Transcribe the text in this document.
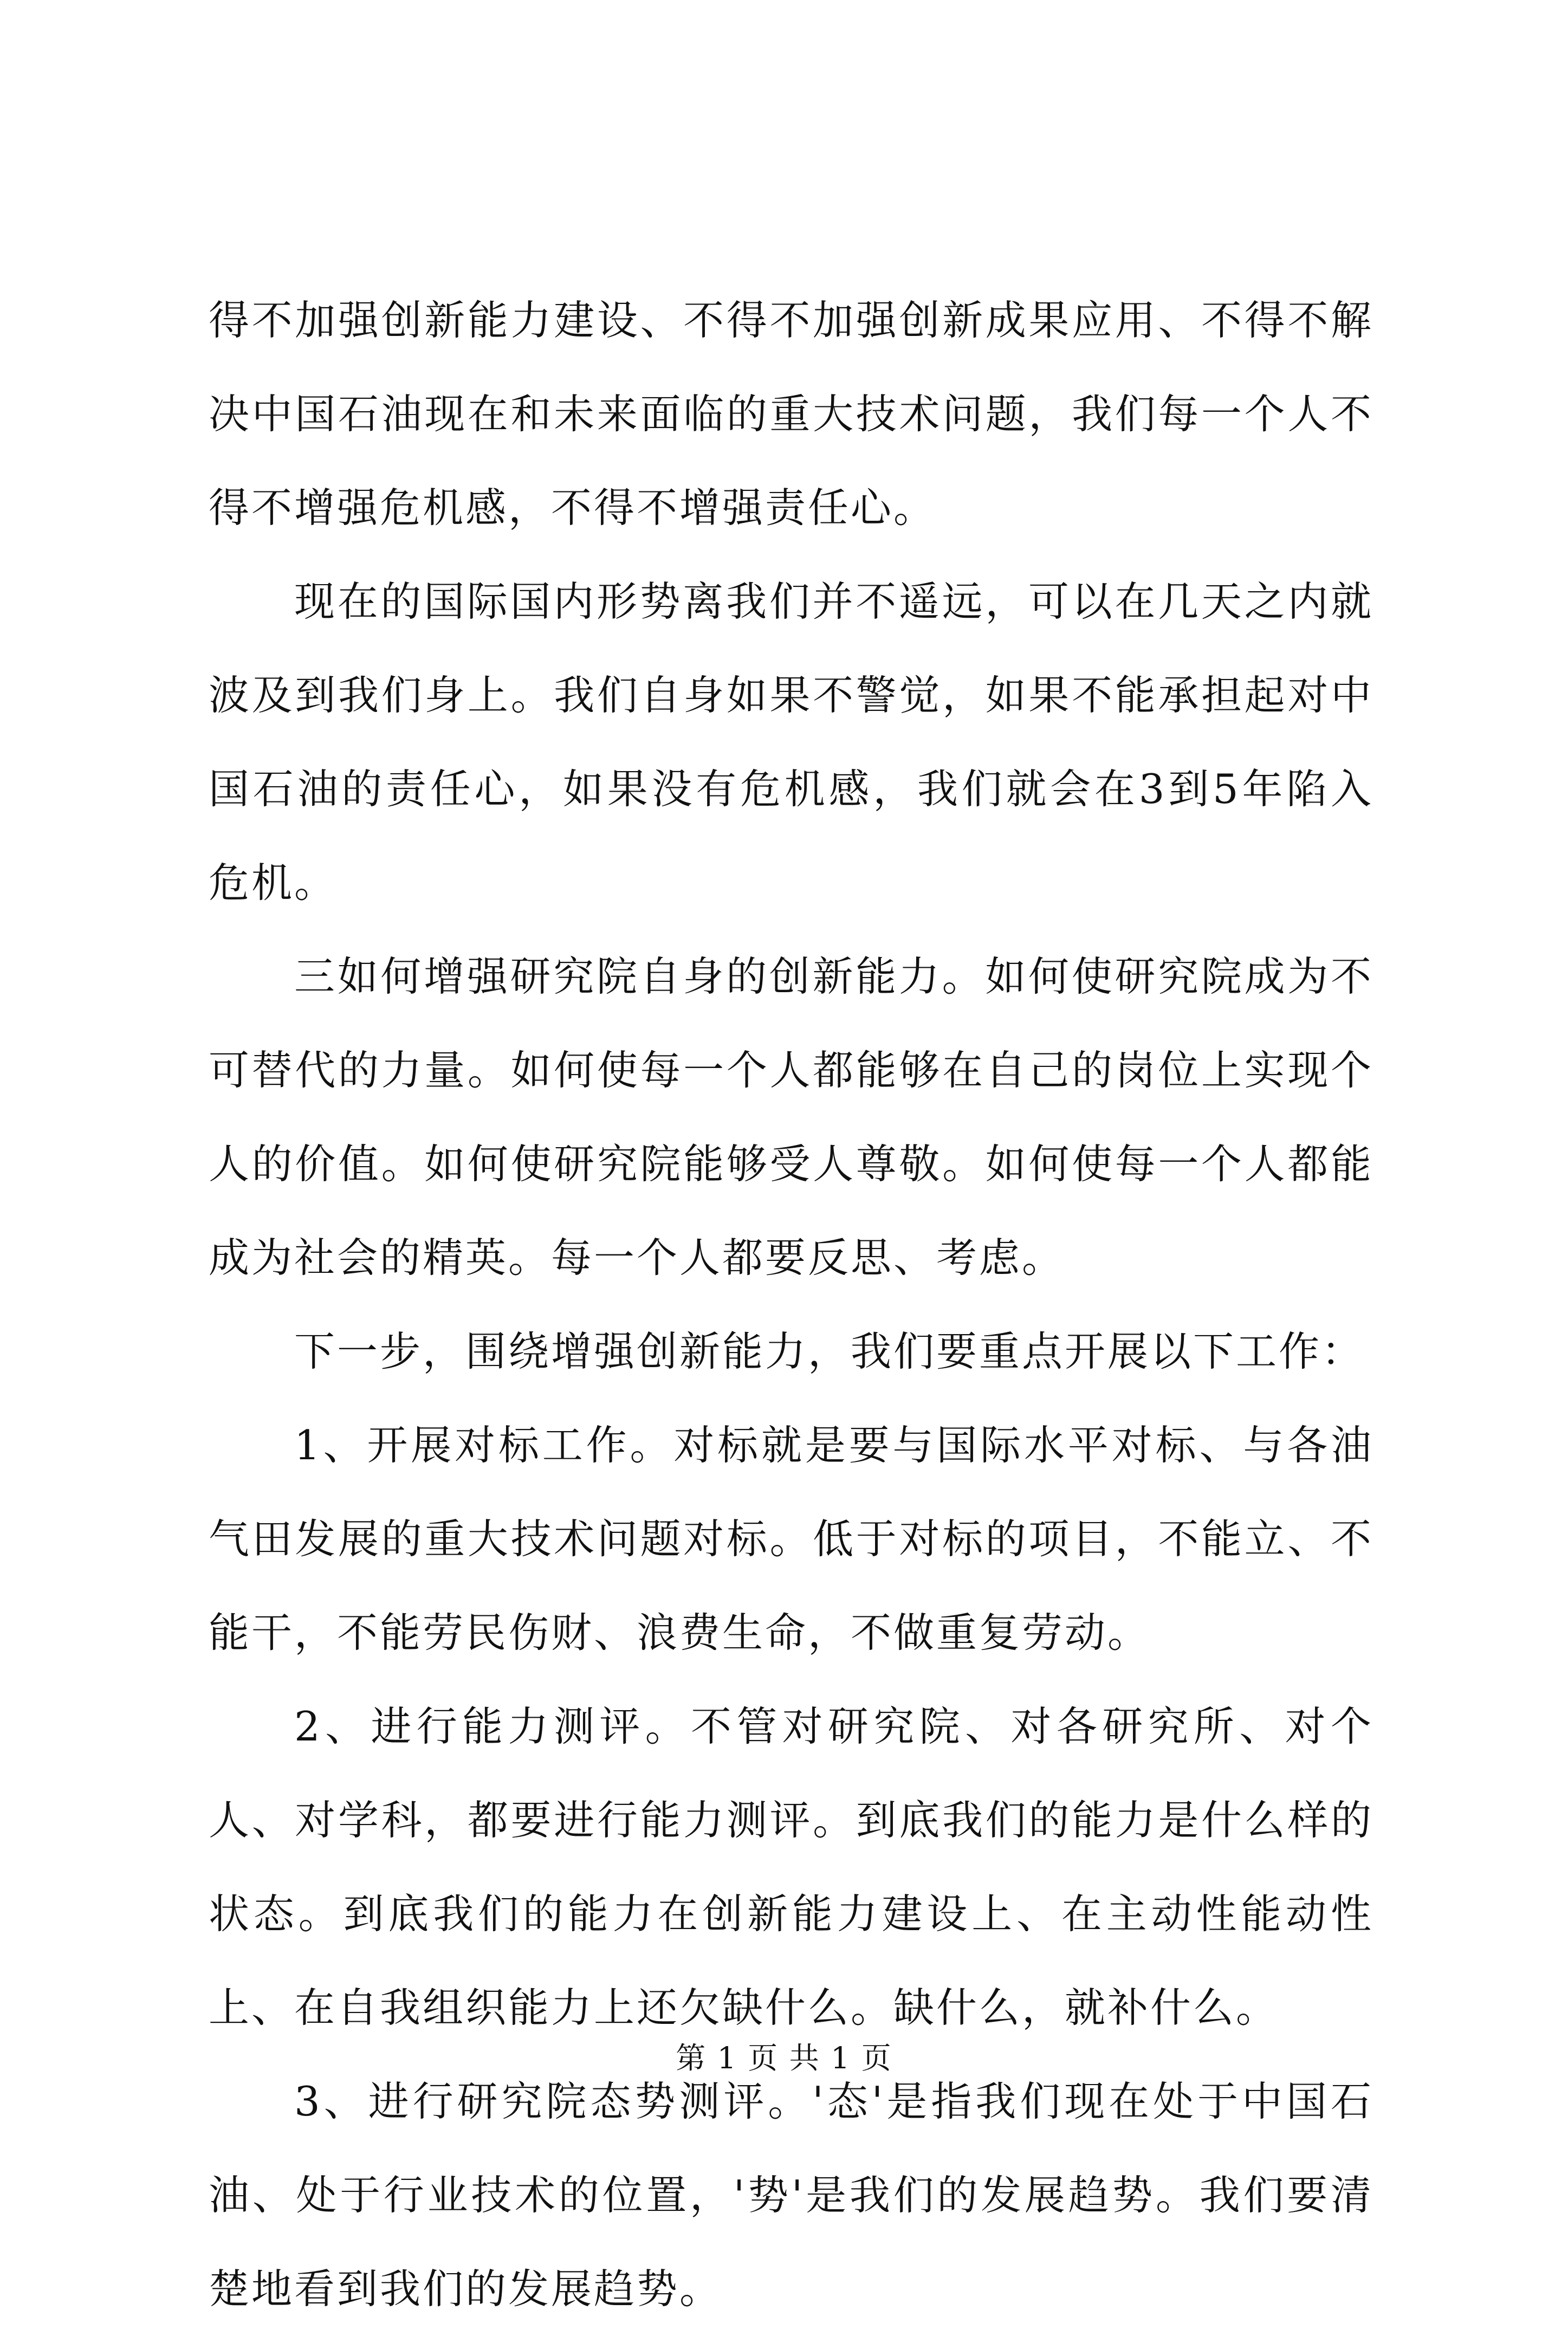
得不加强创新能力建设、不得不加强创新成果应用、不得不解决中国石油现在和未来面临的重大技术问题，我们每一个人不得不增强危机感，不得不增强责任心。

现在的国际国内形势离我们并不遥远，可以在几天之内就波及到我们身上。我们自身如果不警觉，如果不能承担起对中国石油的责任心，如果没有危机感，我们就会在3到5年陷入危机。

三如何增强研究院自身的创新能力。如何使研究院成为不可替代的力量。如何使每一个人都能够在自己的岗位上实现个人的价值。如何使研究院能够受人尊敬。如何使每一个人都能成为社会的精英。每一个人都要反思、考虑。

下一步，围绕增强创新能力，我们要重点开展以下工作：

1、开展对标工作。对标就是要与国际水平对标、与各油气田发展的重大技术问题对标。低于对标的项目，不能立、不能干，不能劳民伤财、浪费生命，不做重复劳动。

2、进行能力测评。不管对研究院、对各研究所、对个人、对学科，都要进行能力测评。到底我们的能力是什么样的状态。到底我们的能力在创新能力建设上、在主动性能动性上、在自我组织能力上还欠缺什么。缺什么，就补什么。

3、进行研究院态势测评。'态'是指我们现在处于中国石油、处于行业技术的位置，'势'是我们的发展趋势。我们要清楚地看到我们的发展趋势。

第 1 页 共 1 页
